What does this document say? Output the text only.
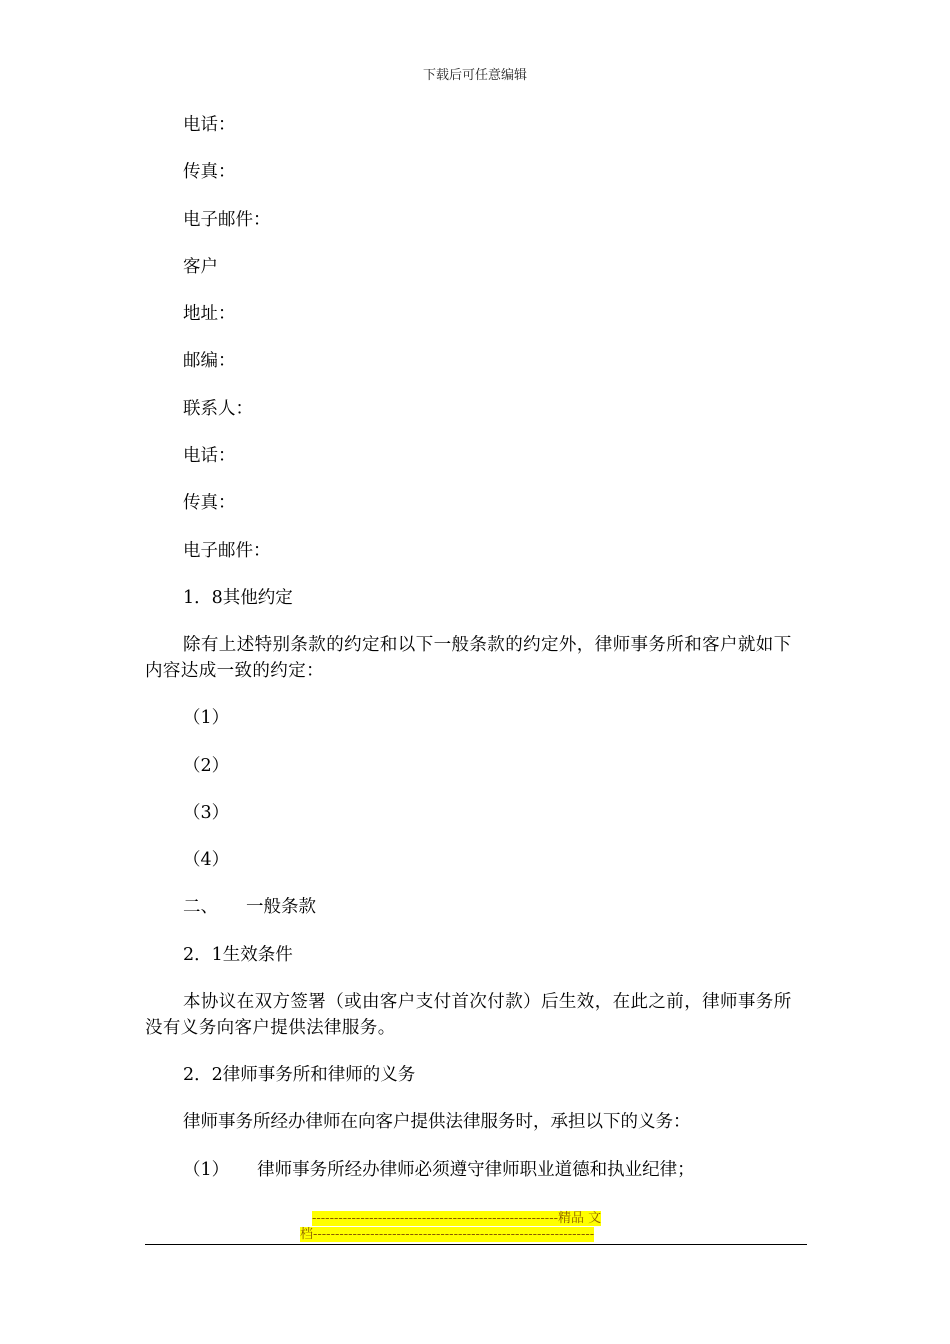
下载后可任意编辑
电话：
传真：
电子邮件：
客户
地址：
邮编：
联系人：
电话：
传真：
电子邮件：
1．8其他约定
除有上述特别条款的约定和以下一般条款的约定外，律师事务所和客户就如下内容达成一致的约定：
（1）
（2）
（3）
（4）
二、 一般条款
2．1生效条件
本协议在双方签署（或由客户支付首次付款）后生效，在此之前，律师事务所没有义务向客户提供法律服务。
2．2律师事务所和律师的义务
律师事务所经办律师在向客户提供法律服务时，承担以下的义务：
（1） 律师事务所经办律师必须遵守律师职业道德和执业纪律；
--------------------------------------------------------精品 文
档----------------------------------------------------------------
